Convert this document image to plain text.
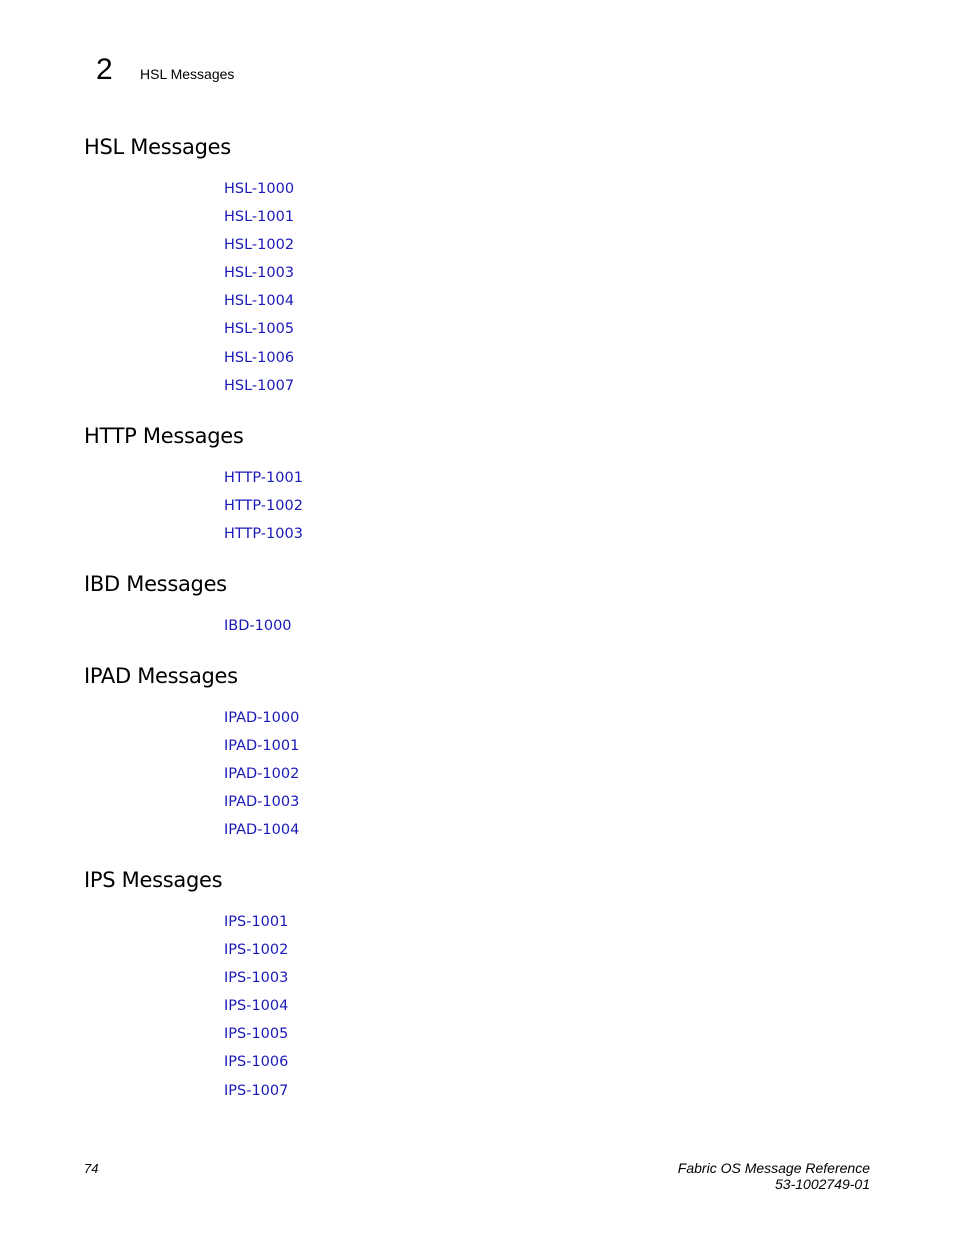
2 HSL Messages
HSL Messages
HSL-1000
HSL-1001
HSL-1002
HSL-1003
HSL-1004
HSL-1005
HSL-1006
HSL-1007
HTTP Messages
HTTP-1001
HTTP-1002
HTTP-1003
IBD Messages
IBD-1000
IPAD Messages
IPAD-1000
IPAD-1001
IPAD-1002
IPAD-1003
IPAD-1004
IPS Messages
IPS-1001
IPS-1002
IPS-1003
IPS-1004
IPS-1005
IPS-1006
IPS-1007
74	Fabric OS Message Reference
53-1002749-01
